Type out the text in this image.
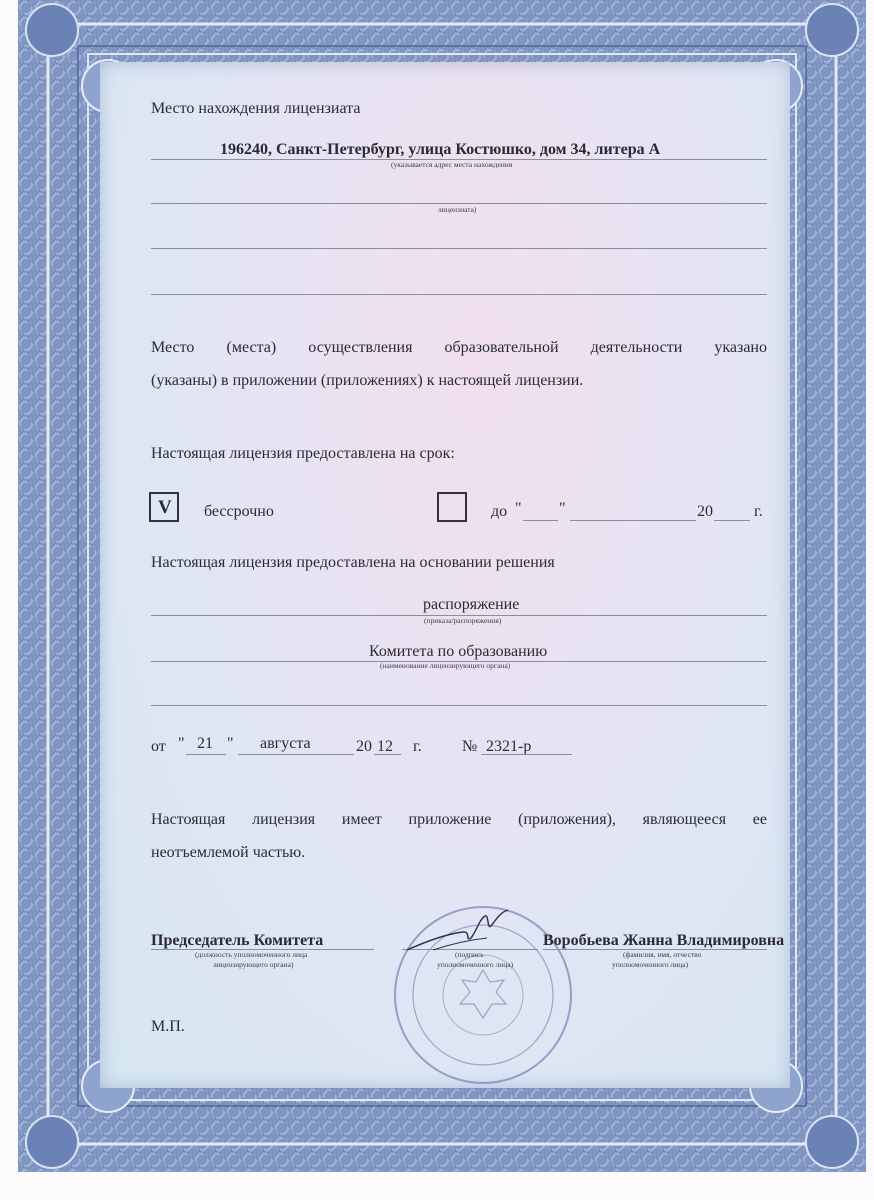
Место нахождения лицензиата
196240, Санкт-Петербург, улица Костюшко, дом 34, литера А
(указывается адрес места нахождения
лицензиата)
Место (места) осуществления образовательной деятельности указано
(указаны) в приложении (приложениях) к настоящей лицензии.
Настоящая лицензия предоставлена на срок:
V бессрочно	до " "	20	г.
Настоящая лицензия предоставлена на основании решения
распоряжение
(приказа/распоряжения)
Комитета по образованию
(наименование лицензирующего органа)
от " 21 " августа	20 12 г.	№ 2321-р
Настоящая лицензия имеет приложение (приложения), являющееся ее
неотъемлемой частью.
Председатель Комитета
(должность уполномоченного лица
лицензирующего органа)
(подпись
уполномоченного лица)
Воробьева Жанна Владимировна
(фамилия, имя, отчество
уполномоченного лица)
М.П.
